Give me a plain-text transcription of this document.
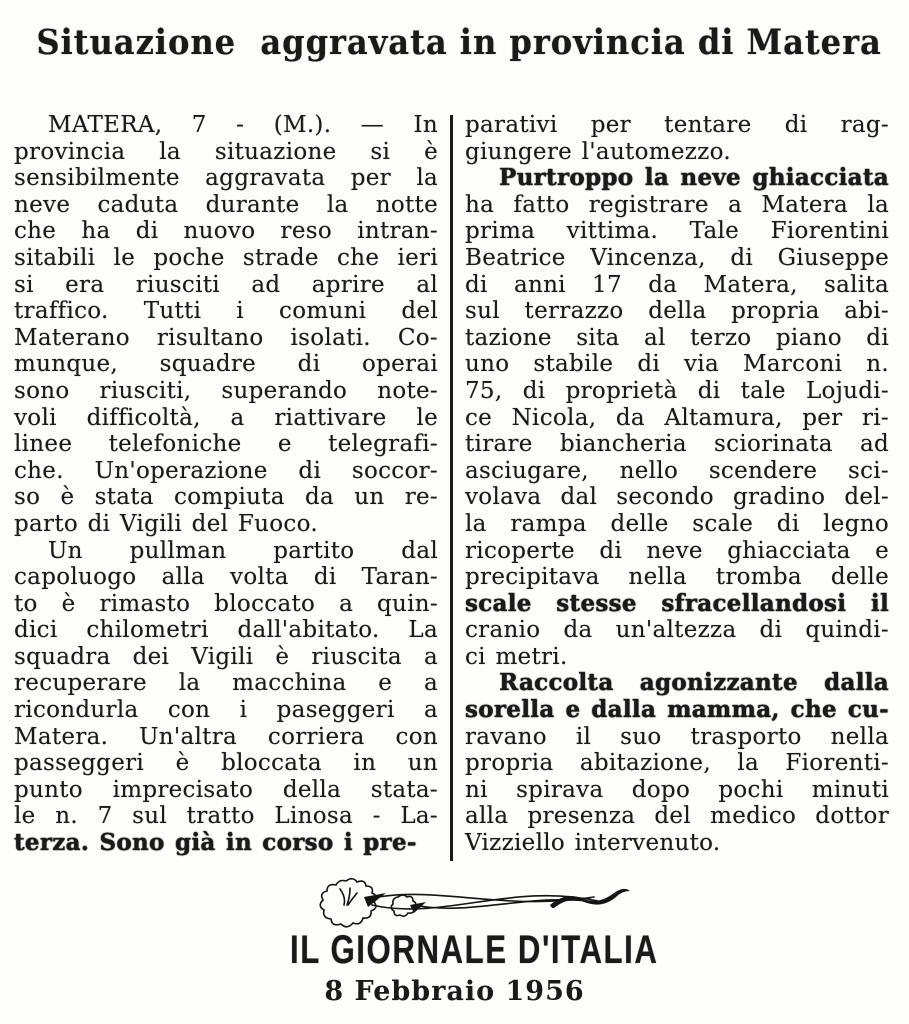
Situazione  aggravata in provincia di Matera
MATERA, 7 - (M.). — In
provincia la situazione si è
sensibilmente aggravata per la
neve caduta durante la notte
che ha di nuovo reso intran-
sitabili le poche strade che ieri
si era riusciti ad aprire al
traffico. Tutti i comuni del
Materano risultano isolati. Co-
munque, squadre di operai
sono riusciti, superando note-
voli difficoltà, a riattivare le
linee telefoniche e telegrafi-
che. Un'operazione di soccor-
so è stata compiuta da un re-
parto di Vigili del Fuoco.
Un pullman partito dal
capoluogo alla volta di Taran-
to è rimasto bloccato a quin-
dici chilometri dall'abitato. La
squadra dei Vigili è riuscita a
recuperare la macchina e a
ricondurla con i paseggeri a
Matera. Un'altra corriera con
passeggeri è bloccata in un
punto imprecisato della stata-
le n. 7 sul tratto Linosa - La-
terza. Sono già in corso i pre-
parativi per tentare di rag-
giungere l'automezzo.
Purtroppo la neve ghiacciata
ha fatto registrare a Matera la
prima vittima. Tale Fiorentini
Beatrice Vincenza, di Giuseppe
di anni 17 da Matera, salita
sul terrazzo della propria abi-
tazione sita al terzo piano di
uno stabile di via Marconi n.
75, di proprietà di tale Lojudi-
ce Nicola, da Altamura, per ri-
tirare biancheria sciorinata ad
asciugare, nello scendere sci-
volava dal secondo gradino del-
la rampa delle scale di legno
ricoperte di neve ghiacciata e
precipitava nella tromba delle
scale stesse sfracellandosi il
cranio da un'altezza di quindi-
ci metri.
Raccolta agonizzante dalla
sorella e dalla mamma, che cu-
ravano il suo trasporto nella
propria abitazione, la Fiorenti-
ni spirava dopo pochi minuti
alla presenza del medico dottor
Vizziello intervenuto.
IL GIORNALE D'ITALIA
8 Febbraio 1956
